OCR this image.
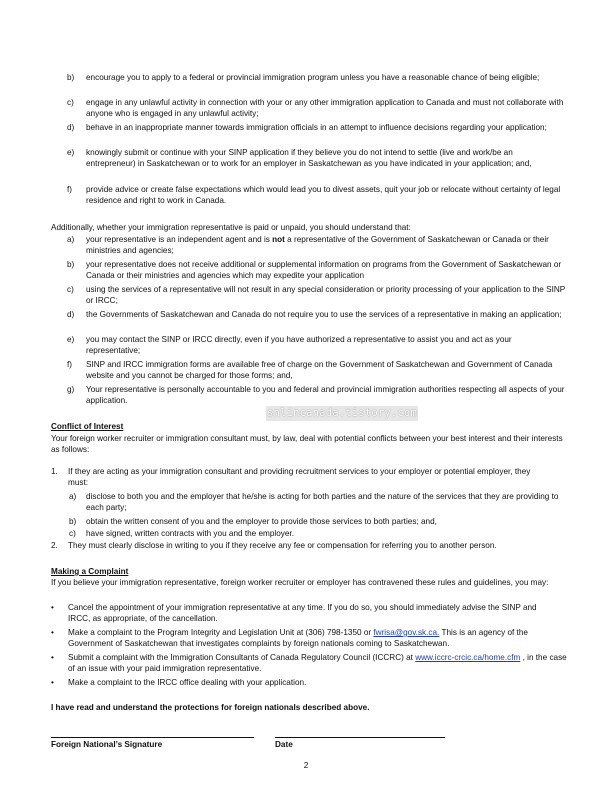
b) encourage you to apply to a federal or provincial immigration program unless you have a reasonable chance of being eligible;
c) engage in any unlawful activity in connection with your or any other immigration application to Canada and must not collaborate with anyone who is engaged in any unlawful activity;
d) behave in an inappropriate manner towards immigration officials in an attempt to influence decisions regarding your application;
e) knowingly submit or continue with your SINP application if they believe you do not intend to settle (live and work/be an entrepreneur) in Saskatchewan or to work for an employer in Saskatchewan as you have indicated in your application; and,
f) provide advice or create false expectations which would lead you to divest assets, quit your job or relocate without certainty of legal residence and right to work in Canada.
Additionally, whether your immigration representative is paid or unpaid, you should understand that:
a) your representative is an independent agent and is not a representative of the Government of Saskatchewan or Canada or their ministries and agencies;
b) your representative does not receive additional or supplemental information on programs from the Government of Saskatchewan or Canada or their ministries and agencies which may expedite your application
c) using the services of a representative will not result in any special consideration or priority processing of your application to the SINP or IRCC;
d) the Governments of Saskatchewan and Canada do not require you to use the services of a representative in making an application;
e) you may contact the SINP or IRCC directly, even if you have authorized a representative to assist you and act as your representative;
f) SINP and IRCC immigration forms are available free of charge on the Government of Saskatchewan and Government of Canada website and you cannot be charged for those forms; and,
g) Your representative is personally accountable to you and federal and provincial immigration authorities respecting all aspects of your application.
snlincanada.tistory.com
Conflict of Interest
Your foreign worker recruiter or immigration consultant must, by law, deal with potential conflicts between your best interest and their interests as follows:
1. If they are acting as your immigration consultant and providing recruitment services to your employer or potential employer, they must:
a) disclose to both you and the employer that he/she is acting for both parties and the nature of the services that they are providing to each party;
b) obtain the written consent of you and the employer to provide those services to both parties; and,
c) have signed, written contracts with you and the employer.
2. They must clearly disclose in writing to you if they receive any fee or compensation for referring you to another person.
Making a Complaint
If you believe your immigration representative, foreign worker recruiter or employer has contravened these rules and guidelines, you may:
• Cancel the appointment of your immigration representative at any time. If you do so, you should immediately advise the SINP and IRCC, as appropriate, of the cancellation.
• Make a complaint to the Program Integrity and Legislation Unit at (306) 798-1350 or fwrisa@gov.sk.ca. This is an agency of the Government of Saskatchewan that investigates complaints by foreign nationals coming to Saskatchewan.
• Submit a complaint with the Immigration Consultants of Canada Regulatory Council (ICCRC) at www.iccrc-crcic.ca/home.cfm , in the case of an issue with your paid immigration representative.
• Make a complaint to the IRCC office dealing with your application.
I have read and understand the protections for foreign nationals described above.
Foreign National’s Signature	Date
2
